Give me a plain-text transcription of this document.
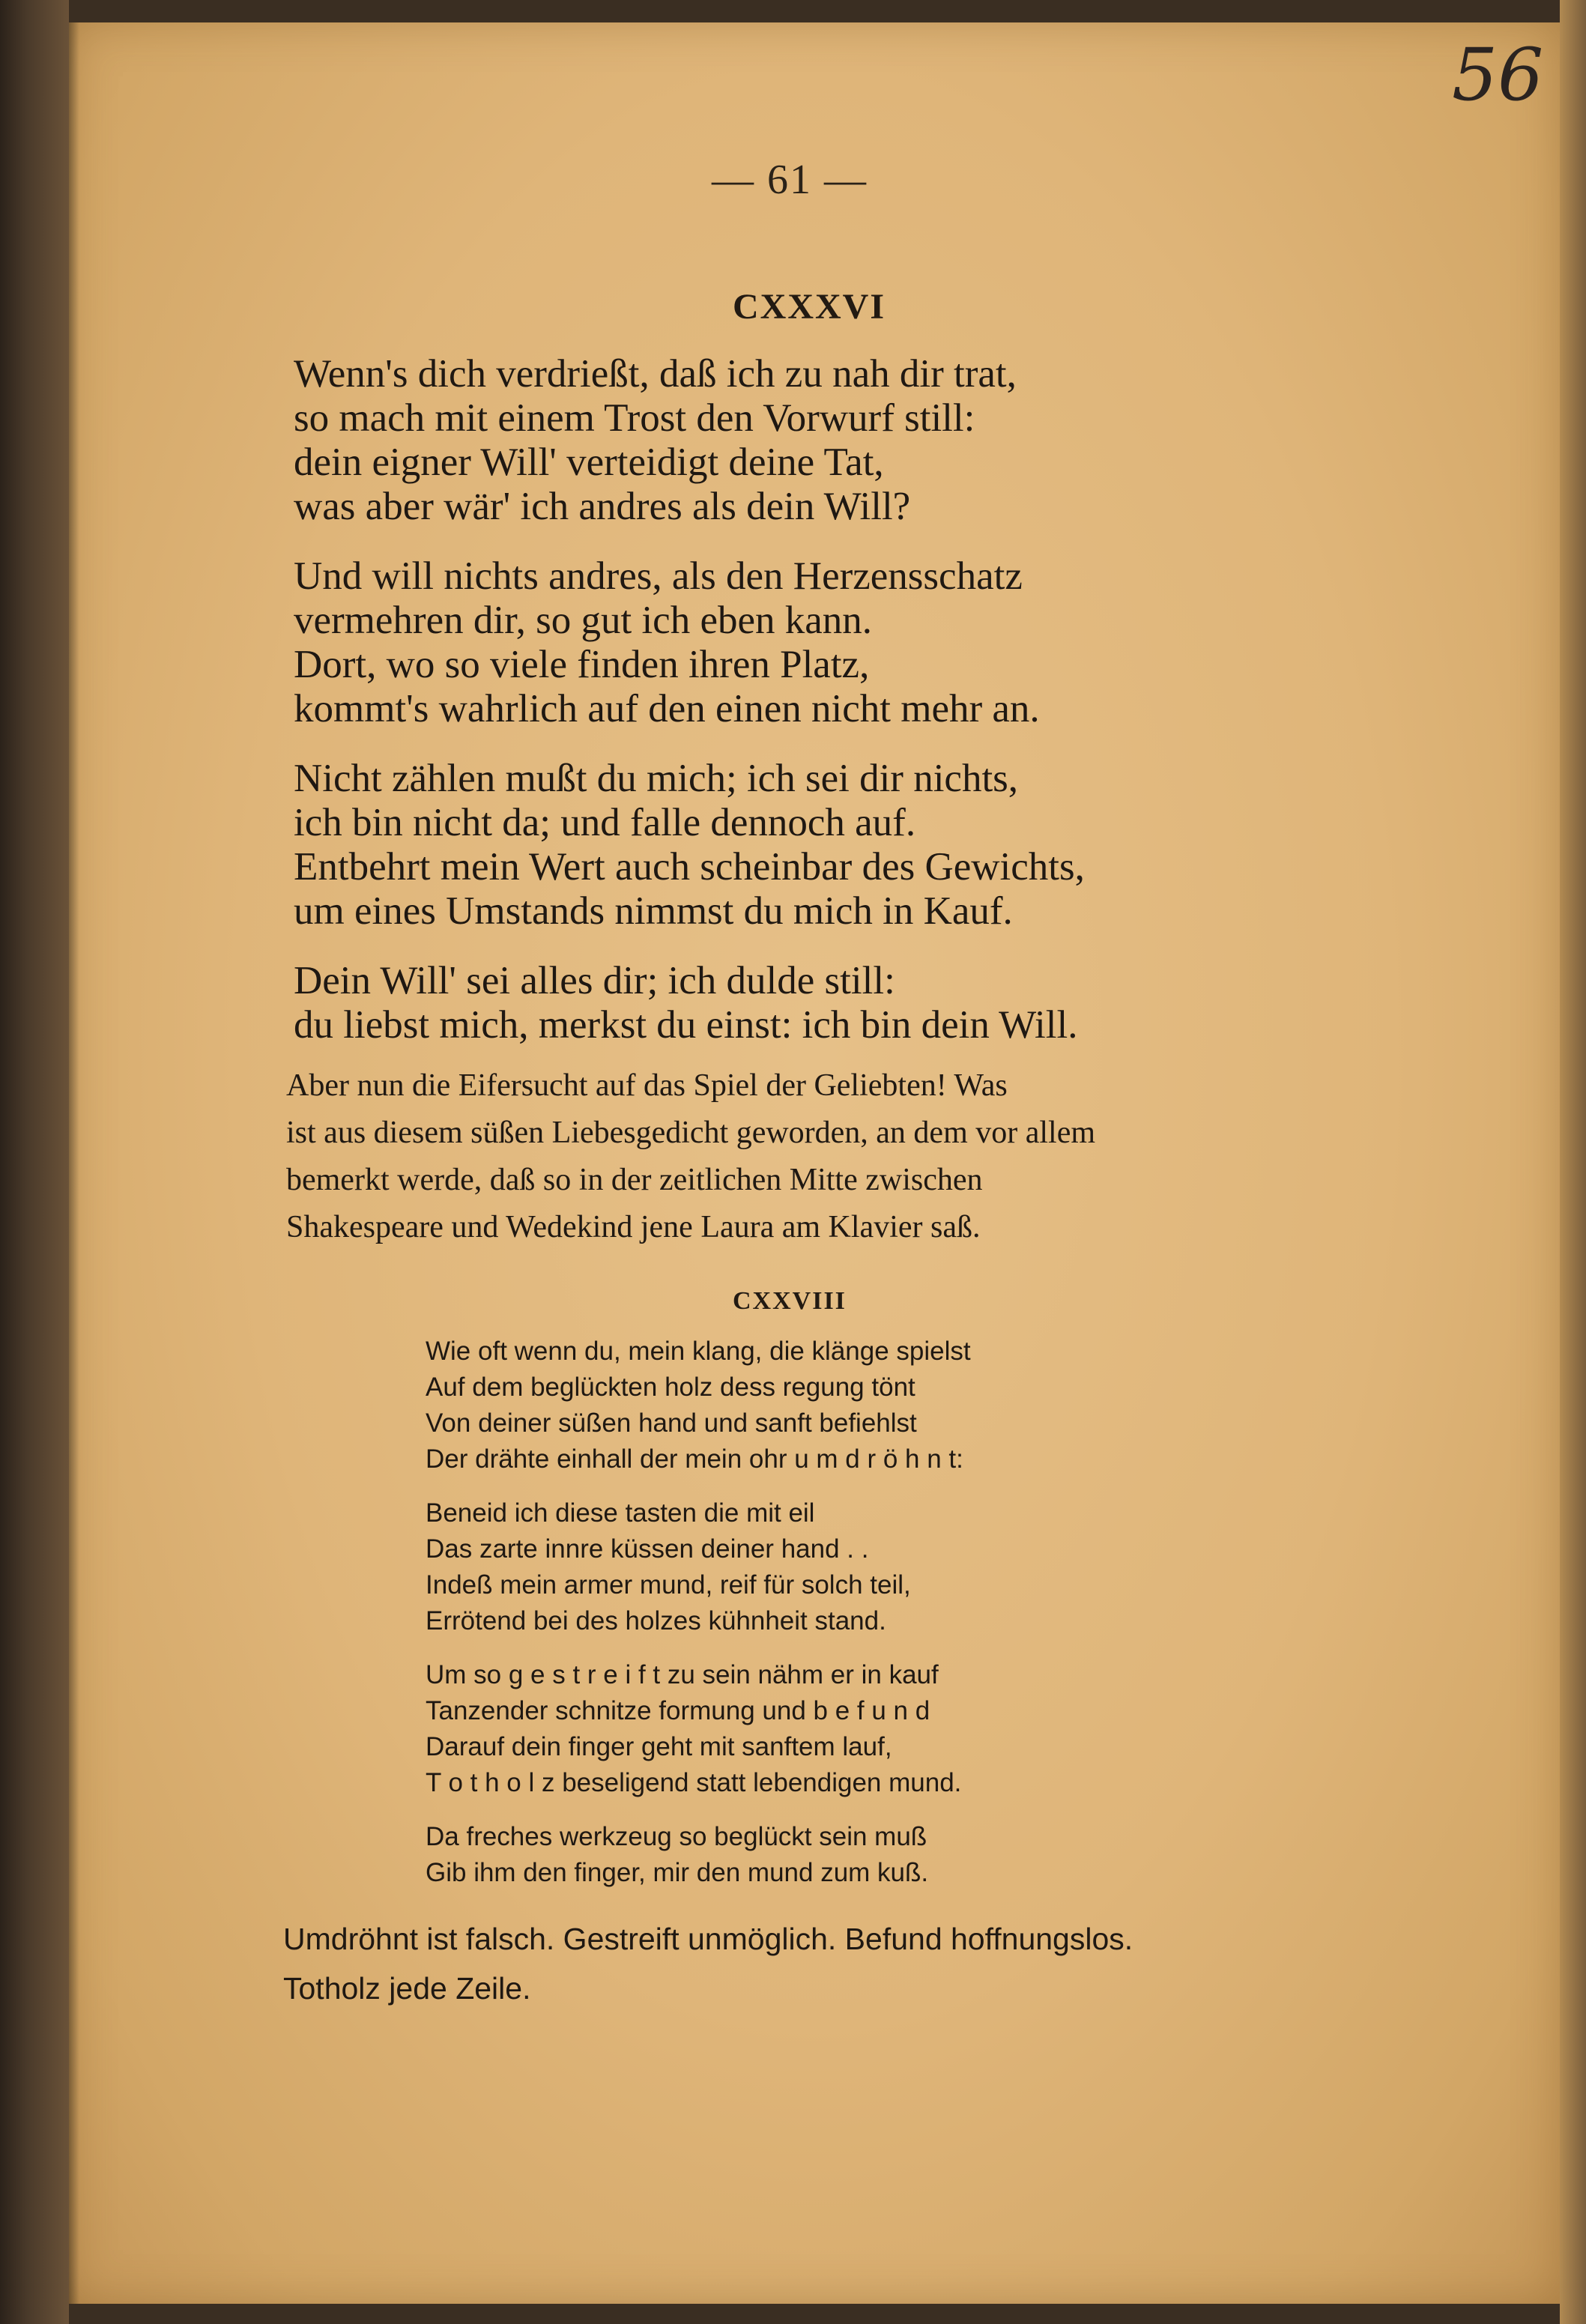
56
— 61 —
CXXXVI
Wenn's dich verdrießt, daß ich zu nah dir trat,
so mach mit einem Trost den Vorwurf still:
dein eigner Will' verteidigt deine Tat,
was aber wär' ich andres als dein Will?
Und will nichts andres, als den Herzensschatz
vermehren dir, so gut ich eben kann.
Dort, wo so viele finden ihren Platz,
kommt's wahrlich auf den einen nicht mehr an.
Nicht zählen mußt du mich; ich sei dir nichts,
ich bin nicht da; und falle dennoch auf.
Entbehrt mein Wert auch scheinbar des Gewichts,
um eines Umstands nimmst du mich in Kauf.
Dein Will' sei alles dir; ich dulde still:
du liebst mich, merkst du einst: ich bin dein Will.
Aber nun die Eifersucht auf das Spiel der Geliebten! Was
ist aus diesem süßen Liebesgedicht geworden, an dem vor allem
bemerkt werde, daß so in der zeitlichen Mitte zwischen
Shakespeare und Wedekind jene Laura am Klavier saß.
CXXVIII
Wie oft wenn du, mein klang, die klänge spielst
Auf dem beglückten holz dess regung tönt
Von deiner süßen hand und sanft befiehlst
Der drähte einhall der mein ohr u m d r ö h n t:
Beneid ich diese tasten die mit eil
Das zarte innre küssen deiner hand . .
Indeß mein armer mund, reif für solch teil,
Errötend bei des holzes kühnheit stand.
Um so g e s t r e i f t zu sein nähm er in kauf
Tanzender schnitze formung und b e f u n d
Darauf dein finger geht mit sanftem lauf,
T o t h o l z beseligend statt lebendigen mund.
Da freches werkzeug so beglückt sein muß
Gib ihm den finger, mir den mund zum kuß.
Umdröhnt ist falsch. Gestreift unmöglich. Befund hoffnungslos.
Totholz jede Zeile.
